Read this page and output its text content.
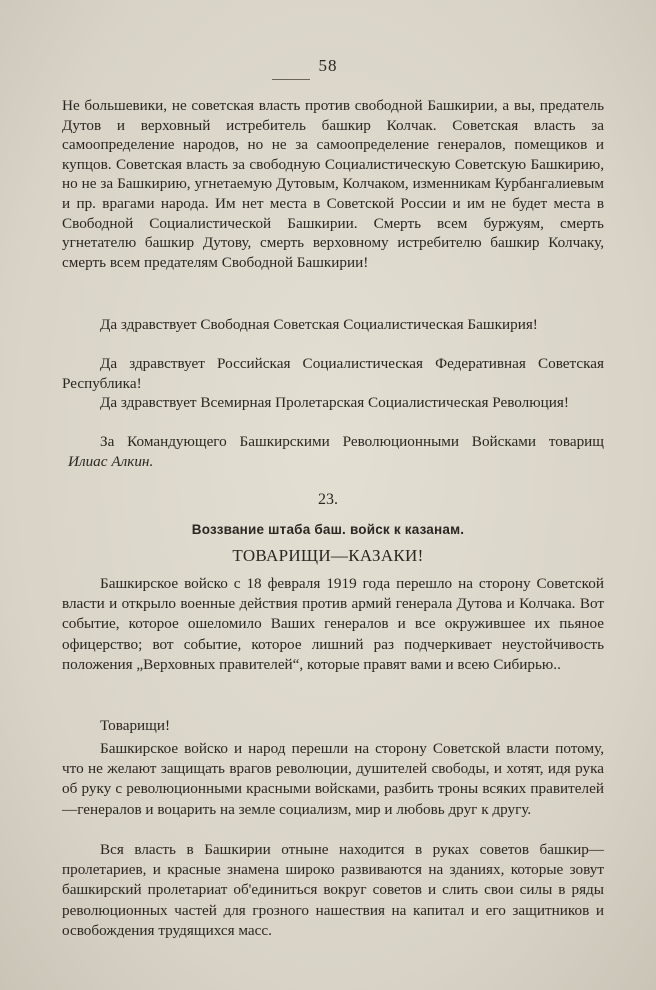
58

Не большевики, не советская власть против свободной Башкирии, а вы, предатель Дутов и верховный истребитель башкир Колчак. Советская власть за самоопределение народов, но не за самоопределение генералов, помещиков и купцов. Советская власть за свободную Социалистическую Советскую Башкирию, но не за Башкирию, угнетаемую Дутовым, Колчаком, изменникам Курбангалиевым и пр. врагами народа. Им нет места в Советской России и им не будет места в Свободной Социалистической Башкирии. Смерть всем буржуям, смерть угнетателю башкир Дутову, смерть верховному истребителю башкир Колчаку, смерть всем предателям Свободной Башкирии!

Да здравствует Свободная Советская Социалистическая Башкирия!

Да здравствует Российская Социалистическая Федеративная Советская Республика!

Да здравствует Всемирная Пролетарская Социалистическая Революция!

За Командующего Башкирскими Революционными Войсками товарищ Илиас Алкин.

23.
Воззвание штаба баш. войск к казанам.
ТОВАРИЩИ—КАЗАКИ!

Башкирское войско с 18 февраля 1919 года перешло на сторону Советской власти и открыло военные действия против армий генерала Дутова и Колчака. Вот событие, которое ошеломило Ваших генералов и все окружившее их пьяное офицерство; вот событие, которое лишний раз подчеркивает неустойчивость положения „Верховных правителей“, которые правят вами и всею Сибирью..

Товарищи!

Башкирское войско и народ перешли на сторону Советской власти потому, что не желают защищать врагов революции, душителей свободы, и хотят, идя рука об руку с революционными красными войсками, разбить троны всяких правителей—генералов и воцарить на земле социализм, мир и любовь друг к другу.

Вся власть в Башкирии отныне находится в руках советов башкир—пролетариев, и красные знамена широко развиваются на зданиях, которые зовут башкирский пролетариат об'единиться вокруг советов и слить свои силы в ряды революционных частей для грозного нашествия на капитал и его защитников и освобождения трудящихся масс.
